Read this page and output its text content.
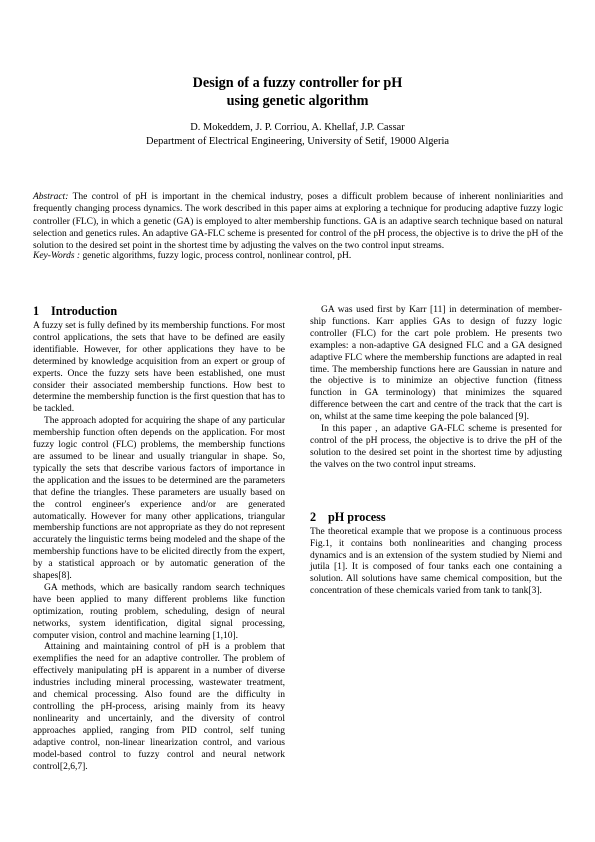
Design of a fuzzy controller for pH
using genetic algorithm

D. Mokeddem, J. P. Corriou, A. Khellaf, J.P. Cassar

Department of Electrical Engineering, University of Setif, 19000 Algeria

Abstract: The control of pH is important in the chemical industry, poses a difficult problem because of inherent nonliniarities and frequently changing process dynamics. The work described in this paper aims at exploring a technique for producing adaptive fuzzy logic controller (FLC), in which a genetic (GA) is employed to alter membership functions. GA is an adaptive search technique based on natural selection and genetics rules. An adaptive GA-FLC scheme is presented for control of the pH process, the objective is to drive the pH of the solution to the desired set point in the shortest time by adjusting the valves on the two control input streams.

Key-Words : genetic algorithms, fuzzy logic, process control, nonlinear control, pH.

1 Introduction

A fuzzy set is fully defined by its membership functions. For most control applications, the sets that have to be defined are easily identifiable. However, for other applications they have to be determined by knowledge acquisition from an expert or group of experts. Once the fuzzy sets have been established, one must consider their associated membership functions. How best to determine the membership function is the first question that has to be tackled.

The approach adopted for acquiring the shape of any particular membership function often depends on the application. For most fuzzy logic control (FLC) problems, the membership functions are assumed to be linear and usually triangular in shape. So, typically the sets that describe various factors of importance in the application and the issues to be determined are the parameters that define the triangles. These parameters are usually based on the control engineer's experience and/or are generated automatically. However for many other applications, triangular membership functions are not appropriate as they do not represent accurately the linguistic terms being modeled and the shape of the membership functions have to be elicited directly from the expert, by a statistical approach or by automatic generation of the shapes[8].

GA methods, which are basically random search techniques have been applied to many different problems like function optimization, routing problem, scheduling, design of neural networks, system identification, digital signal processing, computer vision, control and machine learning [1,10].

Attaining and maintaining control of pH is a problem that exemplifies the need for an adaptive controller. The problem of effectively manipulating pH is apparent in a number of diverse industries including mineral processing, wastewater treatment, and chemical processing. Also found are the difficulty in controlling the pH-process, arising mainly from its heavy nonlinearity and uncertainly, and the diversity of control approaches applied, ranging from PID control, self tuning adaptive control, non-linear linearization control, and various model-based control to fuzzy control and neural network control[2,6,7].

GA was used first by Karr [11] in determination of member-ship functions. Karr applies GAs to design of fuzzy logic controller (FLC) for the cart pole problem. He presents two examples: a non-adaptive GA designed FLC and a GA designed adaptive FLC where the membership functions are adapted in real time. The membership functions here are Gaussian in nature and the objective is to minimize an objective function (fitness function in GA terminology) that minimizes the squared difference between the cart and centre of the track that the cart is on, whilst at the same time keeping the pole balanced [9].

In this paper , an adaptive GA-FLC scheme is presented for control of the pH process, the objective is to drive the pH of the solution to the desired set point in the shortest time by adjusting the valves on the two control input streams.

2 pH process

The theoretical example that we propose is a continuous process Fig.1, it contains both nonlinearities and changing process dynamics and is an extension of the system studied by Niemi and jutila [1]. It is composed of four tanks each one containing a solution. All solutions have same chemical composition, but the concentration of these chemicals varied from tank to tank[3].
